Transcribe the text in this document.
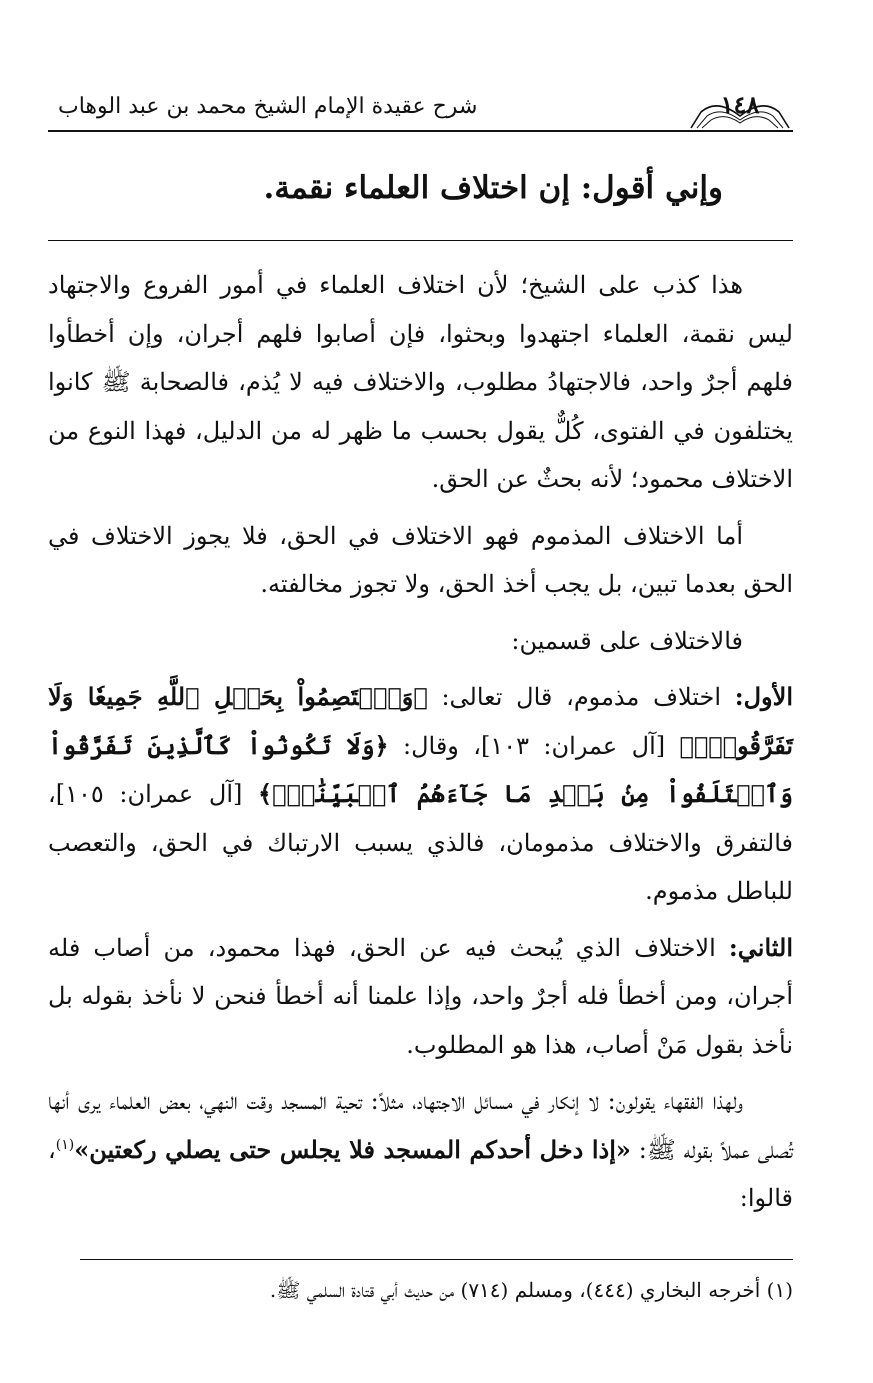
١٤٨
شرح عقيدة الإمام الشيخ محمد بن عبد الوهاب

وإني أقول: إن اختلاف العلماء نقمة.

هذا كذب على الشيخ؛ لأن اختلاف العلماء في أمور الفروع والاجتهاد ليس نقمة، العلماء اجتهدوا وبحثوا، فإن أصابوا فلهم أجران، وإن أخطأوا فلهم أجرٌ واحد، فالاجتهادُ مطلوب، والاختلاف فيه لا يُذم، فالصحابة ﷺ كانوا يختلفون في الفتوى، كُلٌّ يقول بحسب ما ظهر له من الدليل، فهذا النوع من الاختلاف محمود؛ لأنه بحثٌ عن الحق.

أما الاختلاف المذموم فهو الاختلاف في الحق، فلا يجوز الاختلاف في الحق بعدما تبين، بل يجب أخذ الحق، ولا تجوز مخالفته.

فالاختلاف على قسمين:

الأول: اختلاف مذموم، قال تعالى: ﴿وَٱعۡتَصِمُواْ بِحَبۡلِ ٱللَّهِ جَمِيعٗا وَلَا تَفَرَّقُواْۚ﴾ [آل عمران: ١٠٣]، وقال: ﴿وَلَا تَكُونُواْ كَٱلَّذِينَ تَفَرَّقُواْ وَٱخۡتَلَفُواْ مِنۢ بَعۡدِ مَا جَآءَهُمُ ٱلۡبَيِّنَٰتُۚ﴾ [آل عمران: ١٠٥]، فالتفرق والاختلاف مذمومان، فالذي يسبب الارتباك في الحق، والتعصب للباطل مذموم.

الثاني: الاختلاف الذي يُبحث فيه عن الحق، فهذا محمود، من أصاب فله أجران، ومن أخطأ فله أجرٌ واحد، وإذا علمنا أنه أخطأ فنحن لا نأخذ بقوله بل نأخذ بقول مَنْ أصاب، هذا هو المطلوب.

ولهذا الفقهاء يقولون: لا إنكار في مسائل الاجتهاد، مثلاً: تحية المسجد وقت النهي، بعض العلماء يرى أنها تُصلى عملاً بقوله ﷺ: «إذا دخل أحدكم المسجد فلا يجلس حتى يصلي ركعتين»$^{(١)}$، قالوا:

(١) أخرجه البخاري (٤٤٤)، ومسلم (٧١٤) من حديث أبي قتادة السلمي ﷺ.
